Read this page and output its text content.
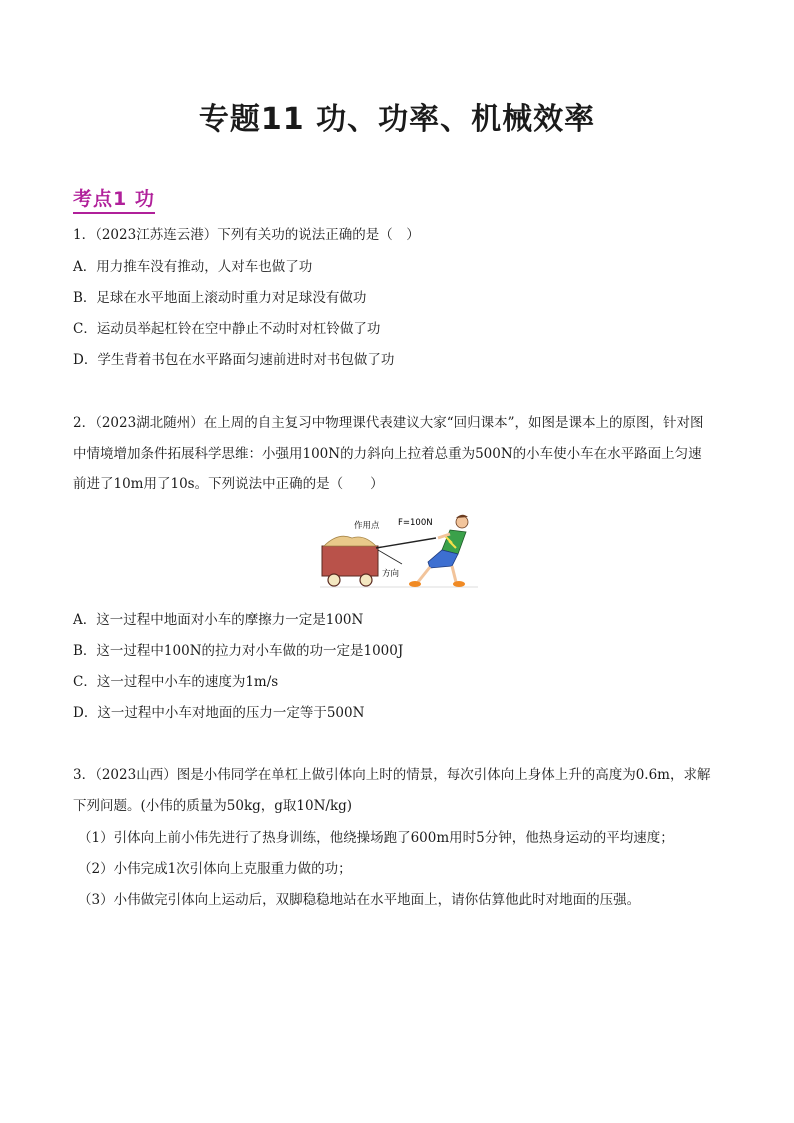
专题11 功、功率、机械效率
考点1 功
1．（2023江苏连云港）下列有关功的说法正确的是（　）
A．用力推车没有推动，人对车也做了功
B．足球在水平地面上滚动时重力对足球没有做功
C．运动员举起杠铃在空中静止不动时对杠铃做了功
D．学生背着书包在水平路面匀速前进时对书包做了功
2．（2023湖北随州）在上周的自主复习中物理课代表建议大家“回归课本”，如图是课本上的原图，针对图
中情境增加条件拓展科学思维：小强用100N的力斜向上拉着总重为500N的小车使小车在水平路面上匀速
前进了10m用了10s。下列说法中正确的是（　　）
作用点 F=100N
方向
A．这一过程中地面对小车的摩擦力一定是100N
B．这一过程中100N的拉力对小车做的功一定是1000J
C．这一过程中小车的速度为1m/s
D．这一过程中小车对地面的压力一定等于500N
3．（2023山西）图是小伟同学在单杠上做引体向上时的情景，每次引体向上身体上升的高度为0.6m，求解
下列问题。(小伟的质量为50kg，g取10N/kg)
（1）引体向上前小伟先进行了热身训练，他绕操场跑了600m用时5分钟，他热身运动的平均速度；
（2）小伟完成1次引体向上克服重力做的功；
（3）小伟做完引体向上运动后，双脚稳稳地站在水平地面上，请你估算他此时对地面的压强。
